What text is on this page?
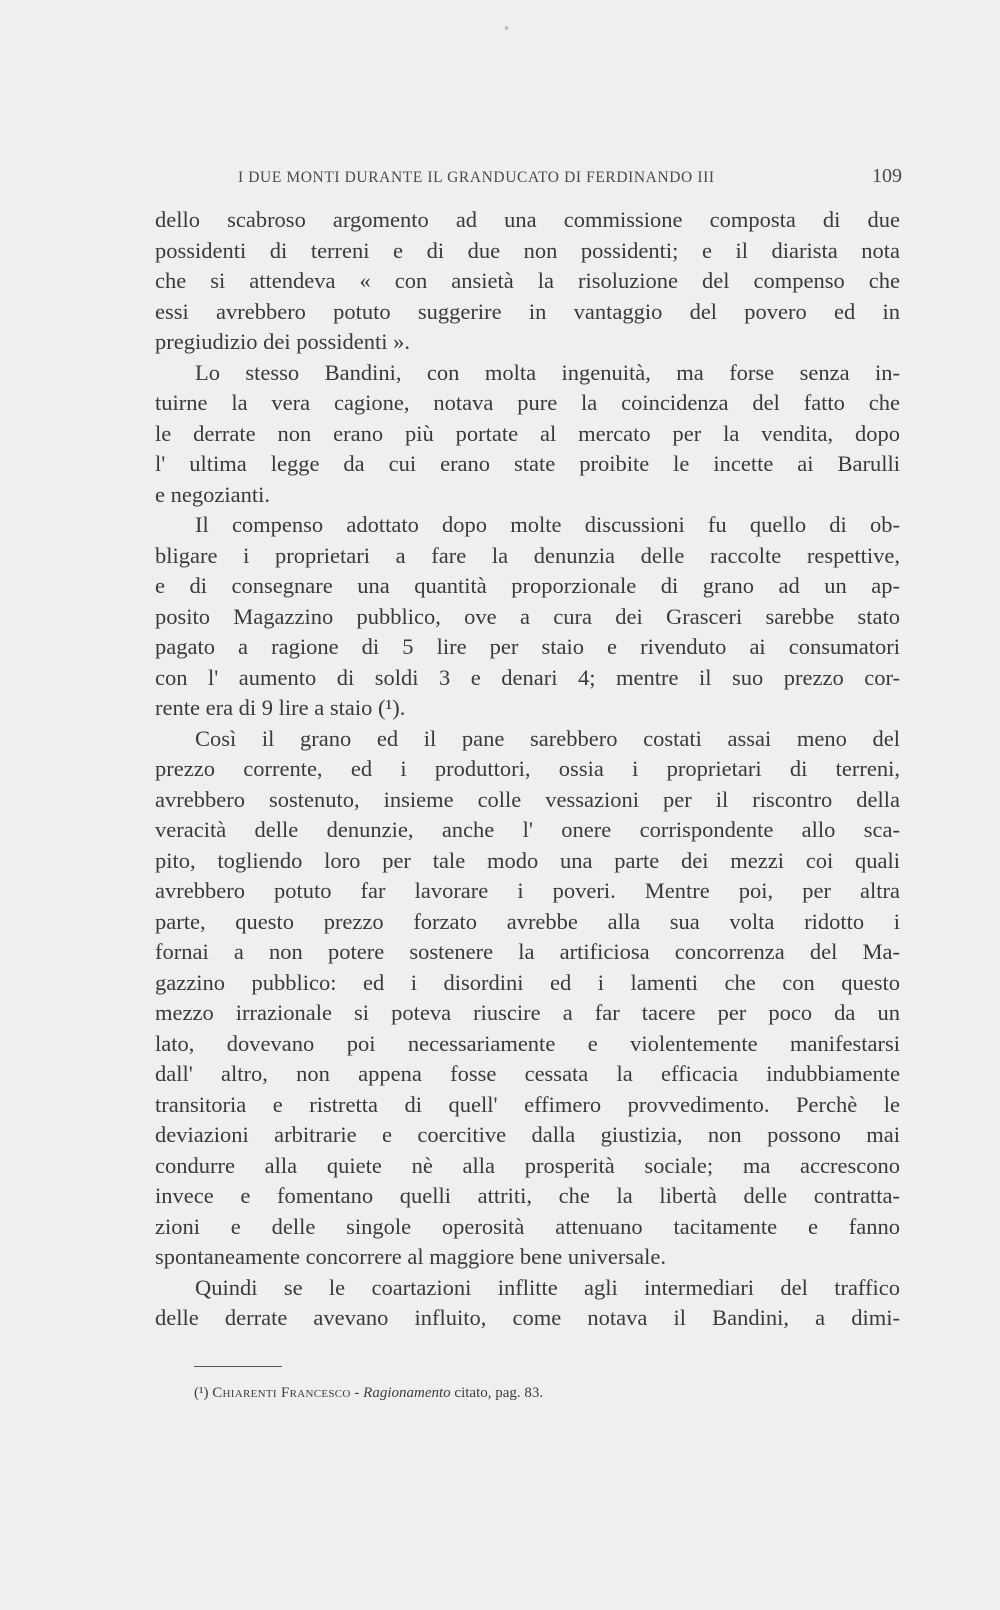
I DUE MONTI DURANTE IL GRANDUCATO DI FERDINANDO III	109
dello scabroso argomento ad una commissione composta di due
possidenti di terreni e di due non possidenti; e il diarista nota
che si attendeva « con ansietà la risoluzione del compenso che
essi avrebbero potuto suggerire in vantaggio del povero ed in
pregiudizio dei possidenti ».
Lo stesso Bandini, con molta ingenuità, ma forse senza in-
tuirne la vera cagione, notava pure la coincidenza del fatto che
le derrate non erano più portate al mercato per la vendita, dopo
l' ultima legge da cui erano state proibite le incette ai Barulli
e negozianti.
Il compenso adottato dopo molte discussioni fu quello di ob-
bligare i proprietari a fare la denunzia delle raccolte respettive,
e di consegnare una quantità proporzionale di grano ad un ap-
posito Magazzino pubblico, ove a cura dei Grasceri sarebbe stato
pagato a ragione di 5 lire per staio e rivenduto ai consumatori
con l' aumento di soldi 3 e denari 4; mentre il suo prezzo cor-
rente era di 9 lire a staio (¹).
Così il grano ed il pane sarebbero costati assai meno del
prezzo corrente, ed i produttori, ossia i proprietari di terreni,
avrebbero sostenuto, insieme colle vessazioni per il riscontro della
veracità delle denunzie, anche l' onere corrispondente allo sca-
pito, togliendo loro per tale modo una parte dei mezzi coi quali
avrebbero potuto far lavorare i poveri. Mentre poi, per altra
parte, questo prezzo forzato avrebbe alla sua volta ridotto i
fornai a non potere sostenere la artificiosa concorrenza del Ma-
gazzino pubblico: ed i disordini ed i lamenti che con questo
mezzo irrazionale si poteva riuscire a far tacere per poco da un
lato, dovevano poi necessariamente e violentemente manifestarsi
dall' altro, non appena fosse cessata la efficacia indubbiamente
transitoria e ristretta di quell' effimero provvedimento. Perchè le
deviazioni arbitrarie e coercitive dalla giustizia, non possono mai
condurre alla quiete nè alla prosperità sociale; ma accrescono
invece e fomentano quelli attriti, che la libertà delle contratta-
zioni e delle singole operosità attenuano tacitamente e fanno
spontaneamente concorrere al maggiore bene universale.
Quindi se le coartazioni inflitte agli intermediari del traffico
delle derrate avevano influito, come notava il Bandini, a dimi-
(¹) Chiarenti Francesco - Ragionamento citato, pag. 83.
